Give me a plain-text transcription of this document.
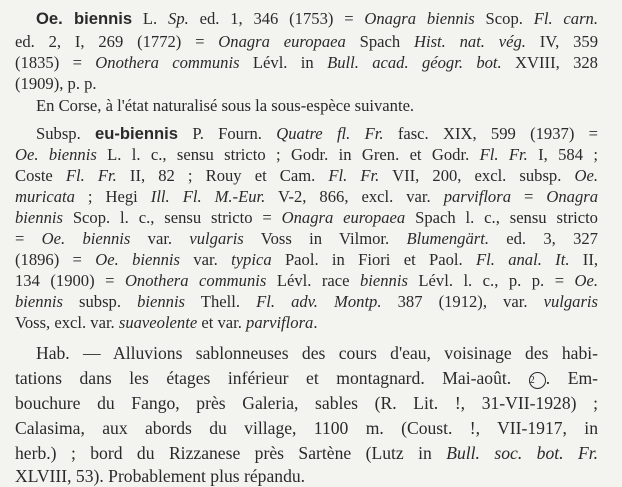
Oe. biennis L. Sp. ed. 1, 346 (1753) = Onagra biennis Scop. Fl. carn.
ed. 2, I, 269 (1772) = Onagra europaea Spach Hist. nat. vég. IV, 359
(1835) = Onothera communis Lévl. in Bull. acad. géogr. bot. XVIII, 328
(1909), p. p.
En Corse, à l'état naturalisé sous la sous-espèce suivante.
Subsp. eu-biennis P. Fourn. Quatre fl. Fr. fasc. XIX, 599 (1937) =
Oe. biennis L. l. c., sensu stricto ; Godr. in Gren. et Godr. Fl. Fr. I, 584 ;
Coste Fl. Fr. II, 82 ; Rouy et Cam. Fl. Fr. VII, 200, excl. subsp. Oe.
muricata ; Hegi Ill. Fl. M.-Eur. V-2, 866, excl. var. parviflora = Onagra
biennis Scop. l. c., sensu stricto = Onagra europaea Spach l. c., sensu stricto
= Oe. biennis var. vulgaris Voss in Vilmor. Blumengärt. ed. 3, 327
(1896) = Oe. biennis var. typica Paol. in Fiori et Paol. Fl. anal. It. II,
134 (1900) = Onothera communis Lévl. race biennis Lévl. l. c., p. p. = Oe.
biennis subsp. biennis Thell. Fl. adv. Montp. 387 (1912), var. vulgaris
Voss, excl. var. suaveolente et var. parviflora.
Hab. — Alluvions sablonneuses des cours d'eau, voisinage des habi-
tations dans les étages inférieur et montagnard. Mai-août. 2 . Em-
bouchure du Fango, près Galeria, sables (R. Lit. !, 31-VII-1928) ;
Calasima, aux abords du village, 1100 m. (Coust. !, VII-1917, in
herb.) ; bord du Rizzanese près Sartène (Lutz in Bull. soc. bot. Fr.
XLVIII, 53). Probablement plus répandu.
